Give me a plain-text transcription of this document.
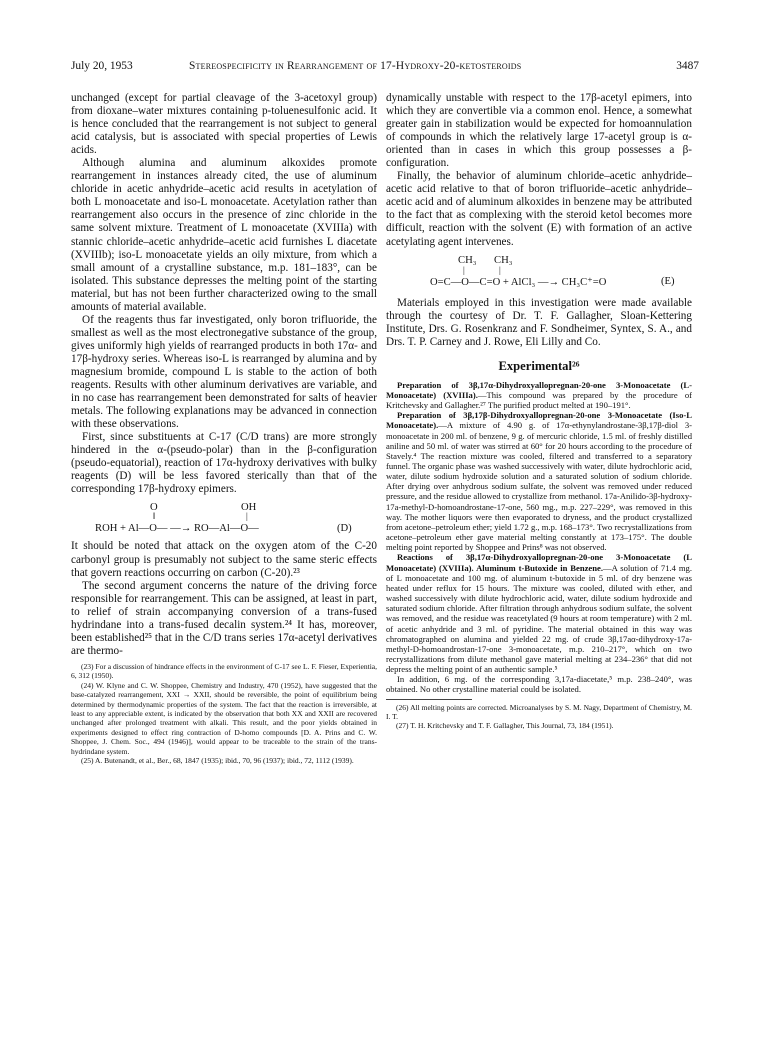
July 20, 1953	Stereospecificity in Rearrangement of 17-Hydroxy-20-ketosteroids	3487

unchanged (except for partial cleavage of the 3-acetoxyl group) from dioxane–water mixtures containing p-toluenesulfonic acid. It is hence concluded that the rearrangement is not subject to general acid catalysis, but is associated with special properties of Lewis acids.

Although alumina and aluminum alkoxides promote rearrangement in instances already cited, the use of aluminum chloride in acetic anhydride–acetic acid results in acetylation of both L monoacetate and iso-L monoacetate. Acetylation rather than rearrangement also occurs in the presence of zinc chloride in the same solvent mixture. Treatment of L monoacetate (XVIIIa) with stannic chloride–acetic anhydride–acetic acid furnishes L diacetate (XVIIIb); iso-L monoacetate yields an oily mixture, from which a small amount of a crystalline substance, m.p. 181–183°, can be isolated. This substance depresses the melting point of the starting material, but has not been further characterized owing to the small amounts of material available.

Of the reagents thus far investigated, only boron trifluoride, the smallest as well as the most electronegative substance of the group, gives uniformly high yields of rearranged products in both 17α- and 17β-hydroxy series. Whereas iso-L is rearranged by alumina and by magnesium bromide, compound L is stable to the action of both reagents. Results with other aluminum derivatives are variable, and in no case has rearrangement been demonstrated for salts of heavier metals. The following explanations may be advanced in connection with these observations.

First, since substituents at C-17 (C/D trans) are more strongly hindered in the α-(pseudo-polar) than in the β-configuration (pseudo-equatorial), reaction of 17α-hydroxy derivatives with bulky reagents (D) will be less favored sterically than that of the corresponding 17β-hydroxy epimers.

O
‖
OH
|
ROH + Al—O— —→ RO—Al—O—	(D)

It should be noted that attack on the oxygen atom of the C-20 carbonyl group is presumably not subject to the same steric effects that govern reactions occurring on carbon (C-20).²³

The second argument concerns the nature of the driving force responsible for rearrangement. This can be assigned, at least in part, to relief of strain accompanying conversion of a trans-fused hydrindane into a trans-fused decalin system.²⁴ It has, moreover, been established²⁵ that in the C/D trans series 17α-acetyl derivatives are thermo-

(23) For a discussion of hindrance effects in the environment of C-17 see L. F. Fieser, Experientia, 6, 312 (1950).

(24) W. Klyne and C. W. Shoppee, Chemistry and Industry, 470 (1952), have suggested that the base-catalyzed rearrangement, XXI → XXII, should be reversible, the point of equilibrium being determined by thermodynamic properties of the system. The fact that the reaction is irreversible, at least to any appreciable extent, is indicated by the observation that both XX and XXII are recovered unchanged after prolonged treatment with alkali. This result, and the poor yields obtained in experiments designed to effect ring contraction of D-homo compounds [D. A. Prins and C. W. Shoppee, J. Chem. Soc., 494 (1946)], would appear to be traceable to the strain of the trans-hydrindane system.

(25) A. Butenandt, et al., Ber., 68, 1847 (1935); ibid., 70, 96 (1937); ibid., 72, 1112 (1939).

dynamically unstable with respect to the 17β-acetyl epimers, into which they are convertible via a common enol. Hence, a somewhat greater gain in stabilization would be expected for homoannulation of compounds in which the relatively large 17-acetyl group is α-oriented than in cases in which this group possesses a β-configuration.

Finally, the behavior of aluminum chloride–acetic anhydride–acetic acid relative to that of boron trifluoride–acetic anhydride–acetic acid and of aluminum alkoxides in benzene may be attributed to the fact that as complexing with the steroid ketol becomes more difficult, reaction with the solvent (E) with formation of an active acetylating agent intervenes.

CH₃ CH₃
|	|
O=C—O—C=O + AlCl₃ —→ CH₃C⁺=O	(E)

Materials employed in this investigation were made available through the courtesy of Dr. T. F. Gallagher, Sloan-Kettering Institute, Drs. G. Rosenkranz and F. Sondheimer, Syntex, S. A., and Drs. T. P. Carney and J. Rowe, Eli Lilly and Co.

Experimental²⁶

Preparation of 3β,17α-Dihydroxyallopregnan-20-one 3-Monoacetate (L-Monoacetate) (XVIIIa).—This compound was prepared by the procedure of Kritchevsky and Gallagher.²⁷ The purified product melted at 190–191°.

Preparation of 3β,17β-Dihydroxyallopregnan-20-one 3-Monoacetate (Iso-L Monoacetate).—A mixture of 4.90 g. of 17α-ethynylandrostane-3β,17β-diol 3-monoacetate in 200 ml. of benzene, 9 g. of mercuric chloride, 1.5 ml. of freshly distilled aniline and 50 ml. of water was stirred at 60° for 20 hours according to the procedure of Stavely.⁴ The reaction mixture was cooled, filtered and transferred to a separatory funnel. The organic phase was washed successively with water, dilute hydrochloric acid, water, dilute sodium hydroxide solution and a saturated solution of sodium chloride. After drying over anhydrous sodium sulfate, the solvent was removed under reduced pressure, and the residue allowed to crystallize from methanol. 17a-Anilido-3β-hydroxy-17a-methyl-D-homoandrostane-17-one, 560 mg., m.p. 227–229°, was removed in this way. The mother liquors were then evaporated to dryness, and the product crystallized from acetone–petroleum ether; yield 1.72 g., m.p. 168–173°. Two recrystallizations from acetone–petroleum ether gave material melting constantly at 173–175°. The double melting point reported by Shoppee and Prins⁸ was not observed.

Reactions of 3β,17α-Dihydroxyallopregnan-20-one 3-Monoacetate (L Monoacetate) (XVIIIa). Aluminum t-Butoxide in Benzene.—A solution of 71.4 mg. of L monoacetate and 100 mg. of aluminum t-butoxide in 5 ml. of dry benzene was heated under reflux for 15 hours. The mixture was cooled, diluted with ether, and washed successively with dilute hydrochloric acid, water, dilute sodium hydroxide and saturated sodium chloride. After filtration through anhydrous sodium sulfate, the solvent was removed, and the residue was reacetylated (9 hours at room temperature) with 2 ml. of acetic anhydride and 3 ml. of pyridine. The material obtained in this way was chromatographed on alumina and yielded 22 mg. of crude 3β,17aα-dihydroxy-17a-methyl-D-homoandrostan-17-one 3-monoacetate, m.p. 210–217°, which on two recrystallizations from dilute methanol gave material melting at 234–236° that did not depress the melting point of an authentic sample.⁵

In addition, 6 mg. of the corresponding 3,17a-diacetate,⁵ m.p. 238–240°, was obtained. No other crystalline material could be isolated.

(26) All melting points are corrected. Microanalyses by S. M. Nagy, Department of Chemistry, M. I. T.

(27) T. H. Kritchevsky and T. F. Gallagher, This Journal, 73, 184 (1951).
